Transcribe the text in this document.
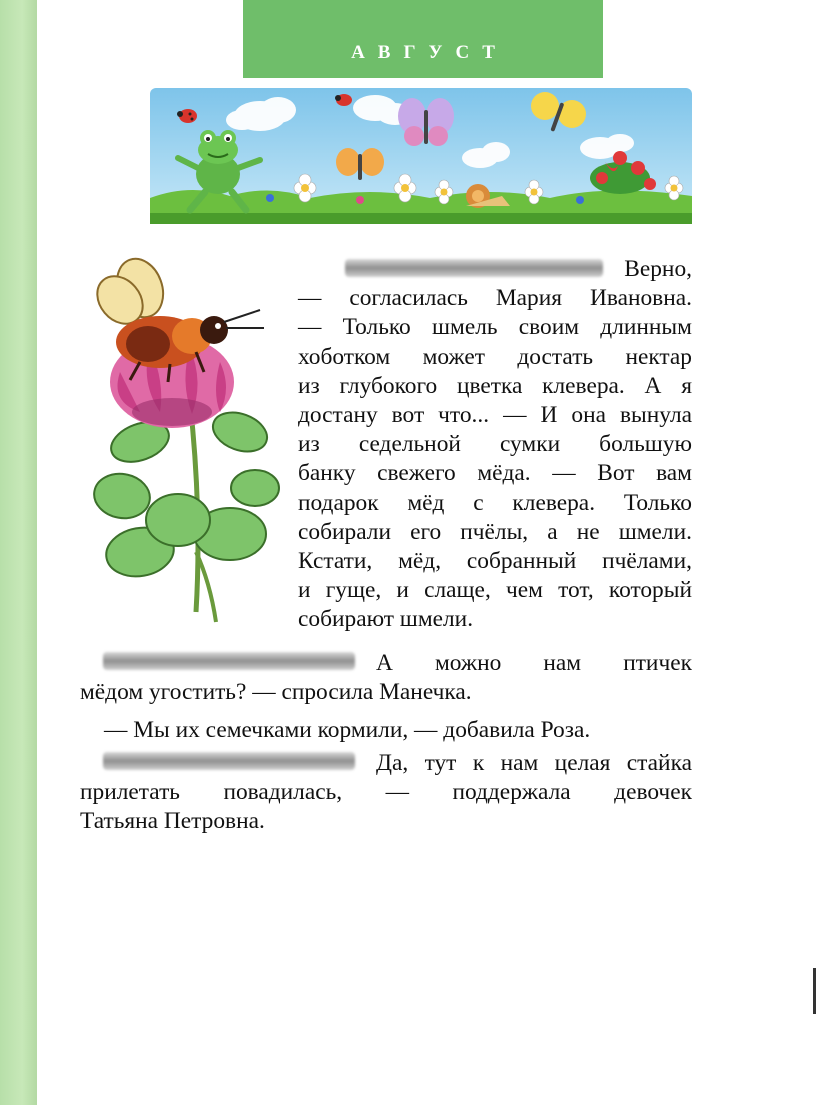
АВГУСТ
Верно,
— согласилась Мария Ивановна.
— Только шмель своим длинным
хоботком может достать нектар
из глубокого цветка клевера. А я
достану вот что... — И она вынула
из седельной сумки большую
банку свежего мёда. — Вот вам
подарок мёд с клевера. Только
собирали его пчёлы, а не шмели.
Кстати, мёд, собранный пчёлами,
и гуще, и слаще, чем тот, который
собирают шмели.
А можно нам птичек
мёдом угостить? — спросила Манечка.
— Мы их семечками кормили, — добавила Роза.
Да, тут к нам целая стайка
прилетать повадилась, — поддержала девочек
Татьяна Петровна.
